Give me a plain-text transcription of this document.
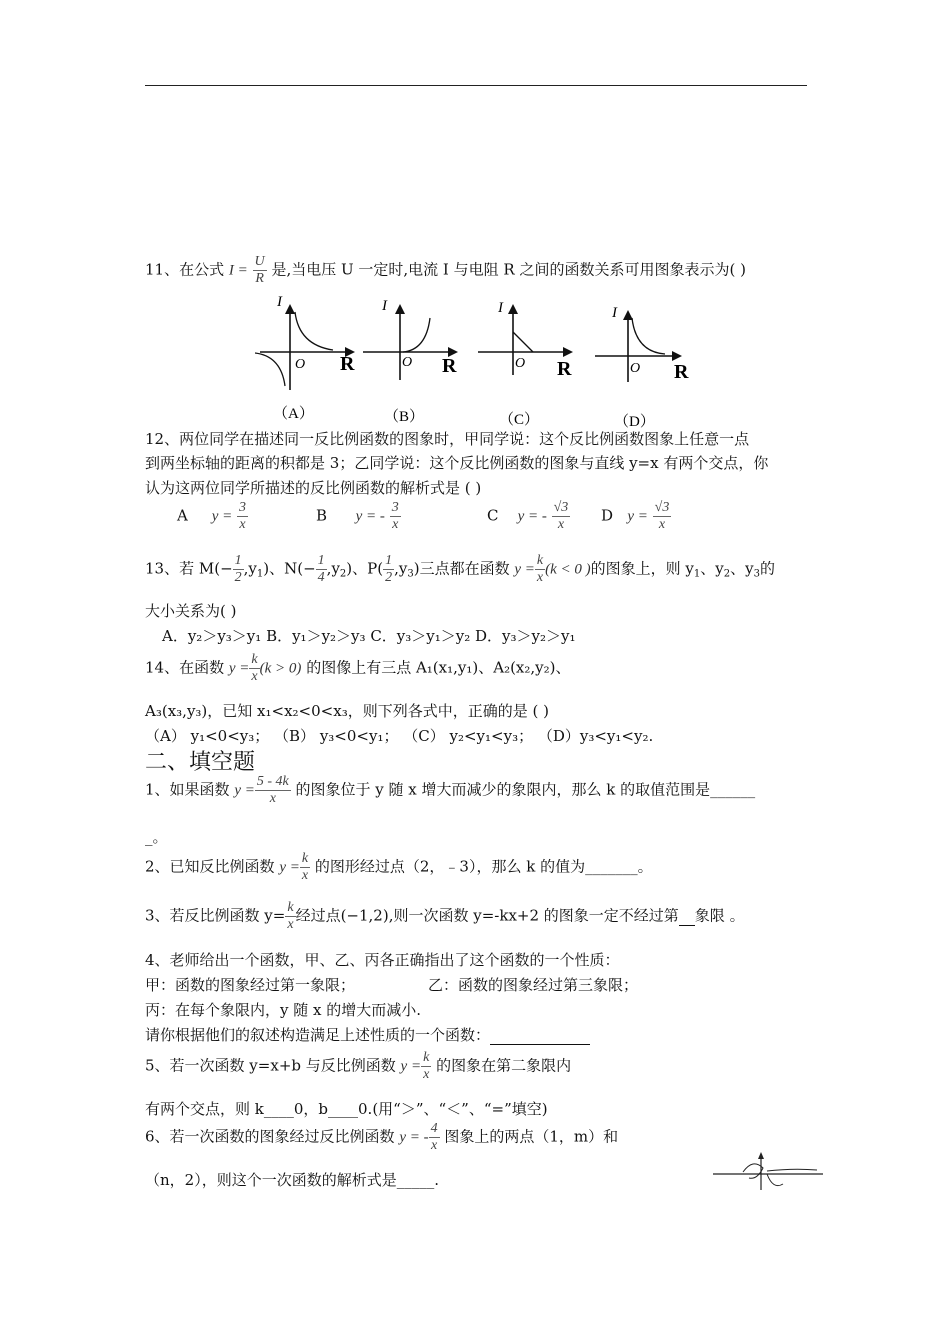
11、在公式 $I = \frac{U}{R}$ 是,当电压 U 一定时,电流 I 与电阻 R 之间的函数关系可用图象表示为( )
I
O R
（A）
I
O R
（B）
I
O R
（C）
I
O R
（D）
12、两位同学在描述同一反比例函数的图象时，甲同学说：这个反比例函数图象上任意一点
到两坐标轴的距离的积都是 3；乙同学说：这个反比例函数的图象与直线 y=x 有两个交点，你
认为这两位同学所描述的反比例函数的解析式是 ( )
A $y = \frac{3}{x}$	B y = - $\frac{3}{x}$	C y = - $\frac{√3}{x}$ D $y = \frac{√3}{x}$
13、若 $M(- \frac{1}{2} ,y_1)$、$N(- \frac{1}{4} ,y_2)$、$P( \frac{1}{2} ,y_3)$三点都在函数 $y = \frac{k}{x} (k < 0$ )的图象上，则 $y_1$、$y_2$、$y_3$的
大小关系为( )
A．y₂＞y₃＞y₁ B．y₁＞y₂＞y₃ C．y₃＞y₁＞y₂ D．y₃＞y₂＞y₁
14、在函数 $y = \frac{k}{x} (k > 0)$ 的图像上有三点 A₁(x₁,y₁)、A₂(x₂,y₂)、
A₃(x₃,y₃)，已知 x₁<x₂<0<x₃，则下列各式中，正确的是 ( )
（A） y₁<0<y₃； （B） y₃<0<y₁； （C） y₂<y₁<y₃； （D）y₃<y₁<y₂.
二、填空题
1、如果函数 $y = \frac{5 - 4k}{x}$ 的图象位于 y 随 x 增大而减少的象限内，那么 k 的取值范围是______
_。
2、已知反比例函数 $y = \frac{k}{x}$ 的图形经过点（2，﹣3），那么 k 的值为_______。
3、若反比例函数 $y= \frac{k}{x}$ 经过点(−1,2),则一次函数 y=-kx+2 的图象一定不经过第 象限 。
4、老师给出一个函数，甲、乙、丙各正确指出了这个函数的一个性质：
甲：函数的图象经过第一象限；	乙：函数的图象经过第三象限；
丙：在每个象限内，y 随 x 的增大而减小.
请你根据他们的叙述构造满足上述性质的一个函数：
5、若一次函数 y=x+b 与反比例函数 $y = \frac{k}{x}$ 的图象在第二象限内
有两个交点，则 k____0，b____0.(用“＞”、“＜”、“=”填空)
6、若一次函数的图象经过反比例函数 y = - $\frac{4}{x}$ 图象上的两点（1，m）和
（n，2），则这个一次函数的解析式是_____.
